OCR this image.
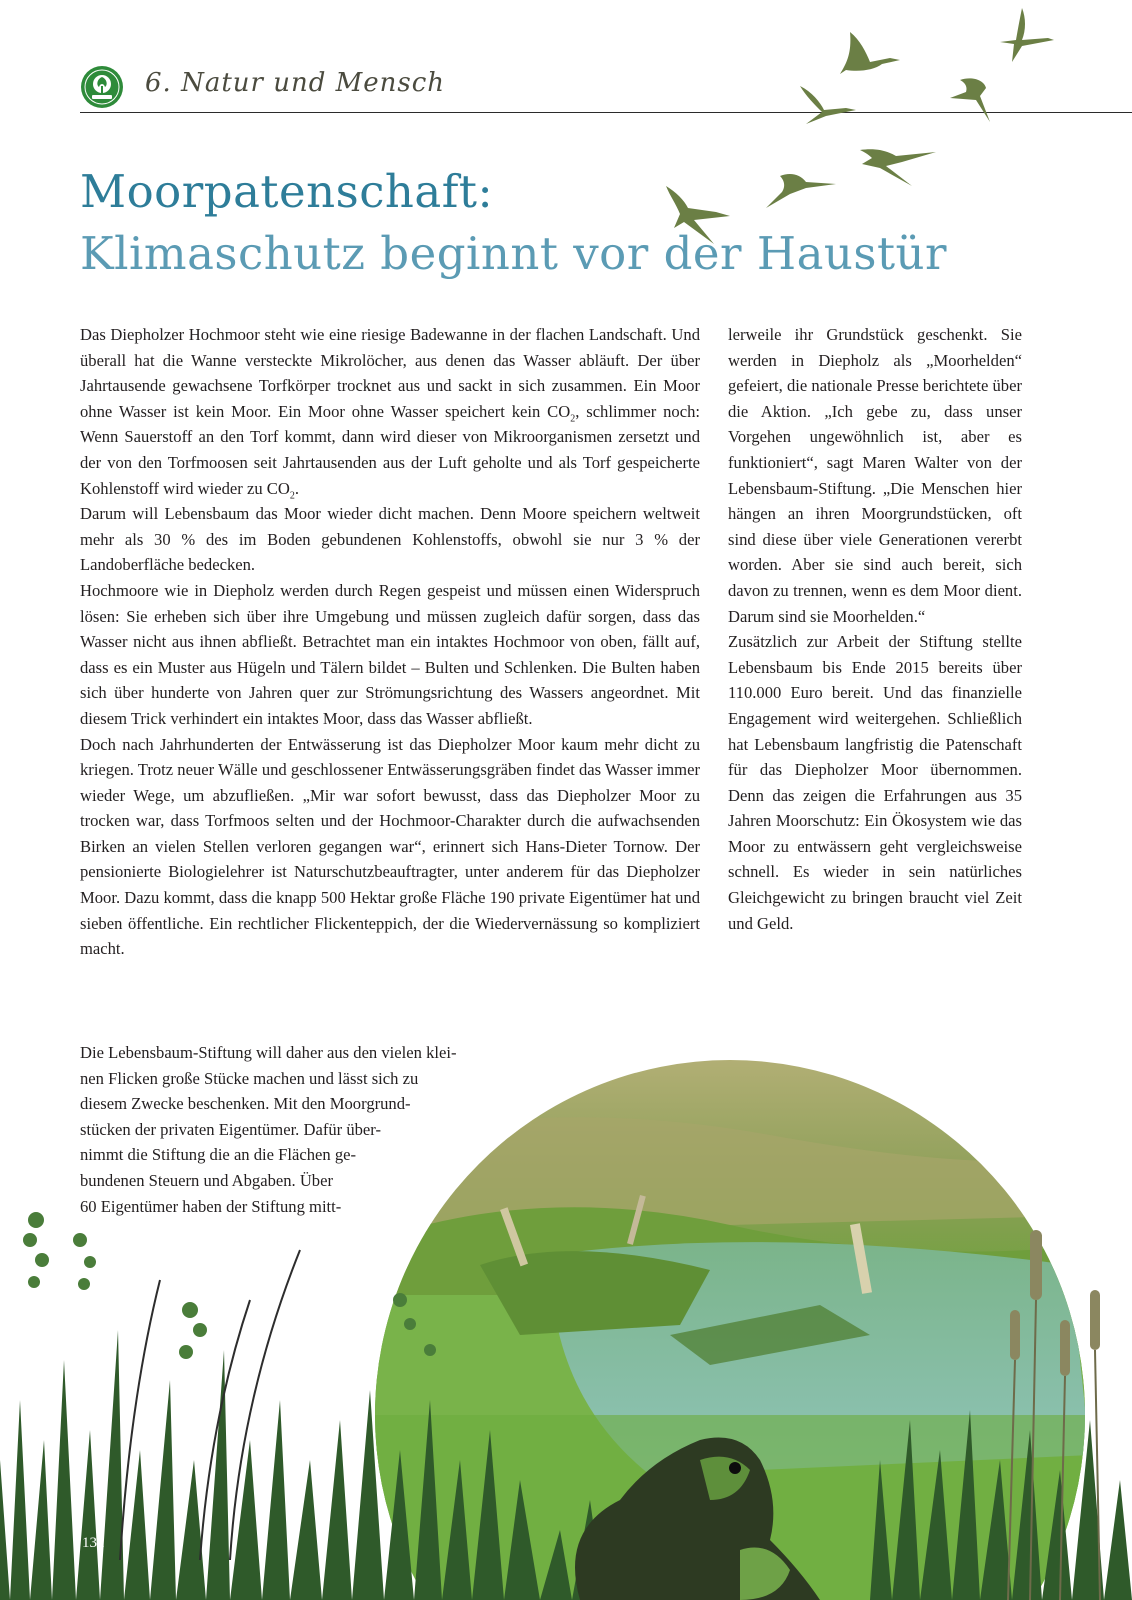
6. Natur und Mensch
Moorpatenschaft:
Klimaschutz beginnt vor der Haustür

Das Diepholzer Hochmoor steht wie eine riesige Badewanne in der flachen Landschaft. Und überall hat die Wanne versteckte Mikrolöcher, aus denen das Wasser abläuft. Der über Jahrtausende gewachsene Torfkörper trocknet aus und sackt in sich zusammen. Ein Moor ohne Wasser ist kein Moor. Ein Moor ohne Wasser speichert kein $CO_2$, schlimmer noch: Wenn Sauerstoff an den Torf kommt, dann wird dieser von Mikroorganismen zersetzt und der von den Torfmoosen seit Jahrtausenden aus der Luft geholte und als Torf gespeicherte Kohlenstoff wird wieder zu $CO_2$.

Darum will Lebensbaum das Moor wieder dicht machen. Denn Moore speichern weltweit mehr als 30 % des im Boden gebundenen Kohlenstoffs, obwohl sie nur 3 % der Landoberfläche bedecken.

Hochmoore wie in Diepholz werden durch Regen gespeist und müssen einen Widerspruch lösen: Sie erheben sich über ihre Umgebung und müssen zugleich dafür sorgen, dass das Wasser nicht aus ihnen abfließt. Betrachtet man ein intaktes Hochmoor von oben, fällt auf, dass es ein Muster aus Hügeln und Tälern bildet – Bulten und Schlenken. Die Bulten haben sich über hunderte von Jahren quer zur Strömungsrichtung des Wassers angeordnet. Mit diesem Trick verhindert ein intaktes Moor, dass das Wasser abfließt.

Doch nach Jahrhunderten der Entwässerung ist das Diepholzer Moor kaum mehr dicht zu kriegen. Trotz neuer Wälle und geschlossener Entwässerungsgräben findet das Wasser immer wieder Wege, um abzufließen. „Mir war sofort bewusst, dass das Diepholzer Moor zu trocken war, dass Torfmoos selten und der Hochmoor-Charakter durch die aufwachsenden Birken an vielen Stellen verloren gegangen war“, erinnert sich Hans-Dieter Tornow. Der pensionierte Biologielehrer ist Naturschutzbeauftragter, unter anderem für das Diepholzer Moor. Dazu kommt, dass die knapp 500 Hektar große Fläche 190 private Eigentümer hat und sieben öffentliche. Ein rechtlicher Flickenteppich, der die Wiedervernässung so kompliziert macht.

132
Die Lebensbaum-Stiftung will daher aus den vielen klei-
nen Flicken große Stücke machen und lässt sich zu
diesem Zwecke beschenken. Mit den Moorgrund-
stücken der privaten Eigentümer. Dafür über-
nimmt die Stiftung die an die Flächen ge-
bundenen Steuern und Abgaben. Über
60 Eigentümer haben der Stiftung mitt-

lerweile ihr Grundstück geschenkt. Sie werden in Diepholz als „Moorhelden“ gefeiert, die nationale Presse berichtete über die Aktion. „Ich gebe zu, dass unser Vorgehen ungewöhnlich ist, aber es funktioniert“, sagt Maren Walter von der Lebensbaum-Stiftung. „Die Menschen hier hängen an ihren Moorgrundstücken, oft sind diese über viele Generationen vererbt worden. Aber sie sind auch bereit, sich davon zu trennen, wenn es dem Moor dient. Darum sind sie Moorhelden.“

Zusätzlich zur Arbeit der Stiftung stellte Lebensbaum bis Ende 2015 bereits über 110.000 Euro bereit. Und das finanzielle Engagement wird weitergehen. Schließlich hat Lebensbaum langfristig die Patenschaft für das Diepholzer Moor übernommen. Denn das zeigen die Erfahrungen aus 35 Jahren Moorschutz: Ein Ökosystem wie das Moor zu entwässern geht vergleichsweise schnell. Es wieder in sein natürliches Gleichgewicht zu bringen braucht viel Zeit und Geld.
